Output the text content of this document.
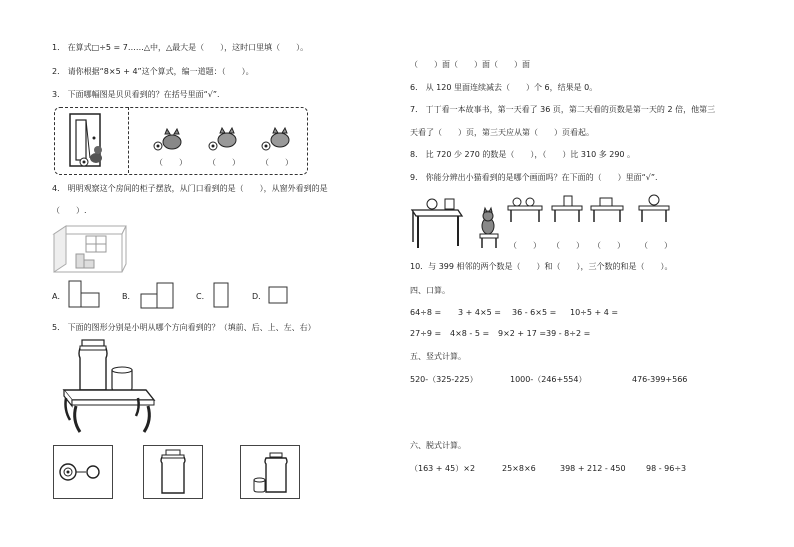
1． 在算式□÷5 = 7……△中，△最大是（　　），这时口里填（　　）。
2． 请你根据“8×5 + 4”这个算式，编一道题：（　　）。
3． 下面哪幅图是贝贝看到的？在括号里面“√”.
（　　）	（　　）	（　　）
4． 明明观察这个房间的柜子摆放，从门口看到的是（　　），从窗外看到的是
（　　）.
A．	B．	C．	D．
5． 下面的图形分别是小明从哪个方向看到的？（填前、后、上、左、右）
（　　）面（　　）面（　　）面
6． 从 120 里面连续减去（　　）个 6，结果是 0。
7． 丁丁看一本故事书，第一天看了 36 页，第二天看的页数是第一天的 2 倍，他第三
天看了（　　）页，第三天应从第（　　）页看起。
8． 比 720 少 270 的数是（　　），（　　）比 310 多 290 。
9． 你能分辨出小猫看到的是哪个画面吗？在下面的（　　）里面“√”.
（　　） （　　） （　　） （　　）
10．与 399 相邻的两个数是（　　）和（　　），三个数的和是（　　）。
四、口算。
64÷8 = 3 + 4×5 = 36 - 6×5 = 10÷5 + 4 =
27÷9 = 4×8 - 5 = 9×2 + 17 = 39 - 8÷2 =
五、竖式计算。
520-（325-225）	1000-（246+554）	476-399+566
六、脱式计算。
（163 + 45）×2	25×8×6	398 + 212 - 450	98 - 96÷3
